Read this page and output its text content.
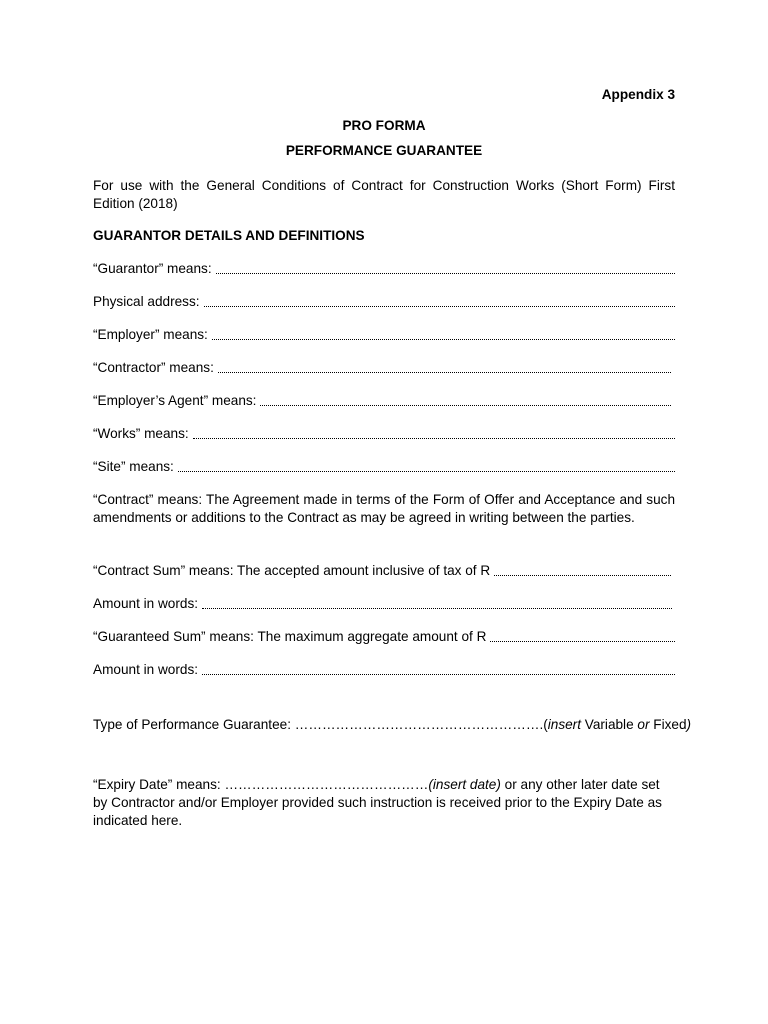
Appendix 3
PRO FORMA
PERFORMANCE GUARANTEE
For use with the General Conditions of Contract for Construction Works (Short Form) First Edition (2018)
GUARANTOR DETAILS AND DEFINITIONS
“Guarantor” means:
Physical address:
“Employer” means:
“Contractor” means:
“Employer’s Agent” means:
“Works” means:
“Site” means:
“Contract” means: The Agreement made in terms of the Form of Offer and Acceptance and such amendments or additions to the Contract as may be agreed in writing between the parties.
“Contract Sum” means: The accepted amount inclusive of tax of R
Amount in words:
“Guaranteed Sum” means: The maximum aggregate amount of R
Amount in words:
Type of Performance Guarantee: ……………………………………………….(insert Variable or Fixed)
“Expiry Date” means: ………………………………………(insert date) or any other later date set by Contractor and/or Employer provided such instruction is received prior to the Expiry Date as indicated here.
